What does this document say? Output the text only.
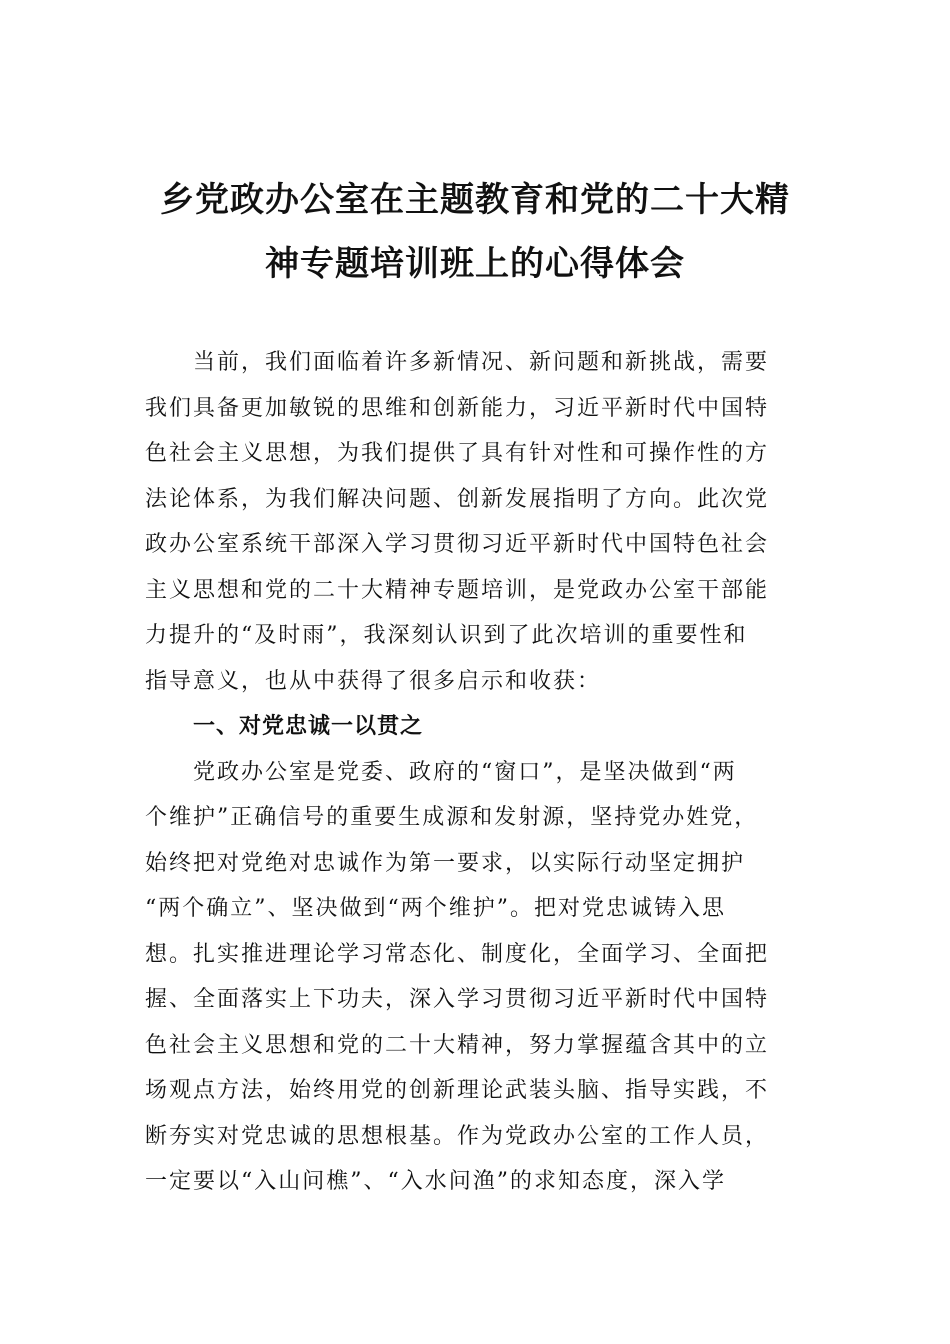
乡党政办公室在主题教育和党的二十大精
神专题培训班上的心得体会
当前，我们面临着许多新情况、新问题和新挑战，需要
我们具备更加敏锐的思维和创新能力，习近平新时代中国特
色社会主义思想，为我们提供了具有针对性和可操作性的方
法论体系，为我们解决问题、创新发展指明了方向。此次党
政办公室系统干部深入学习贯彻习近平新时代中国特色社会
主义思想和党的二十大精神专题培训，是党政办公室干部能
力提升的“及时雨”，我深刻认识到了此次培训的重要性和
指导意义，也从中获得了很多启示和收获：
一、对党忠诚一以贯之
党政办公室是党委、政府的“窗口”，是坚决做到“两
个维护”正确信号的重要生成源和发射源，坚持党办姓党，
始终把对党绝对忠诚作为第一要求，以实际行动坚定拥护
“两个确立”、坚决做到“两个维护”。把对党忠诚铸入思
想。扎实推进理论学习常态化、制度化，全面学习、全面把
握、全面落实上下功夫，深入学习贯彻习近平新时代中国特
色社会主义思想和党的二十大精神，努力掌握蕴含其中的立
场观点方法，始终用党的创新理论武装头脑、指导实践，不
断夯实对党忠诚的思想根基。作为党政办公室的工作人员，
一定要以“入山问樵”、“入水问渔”的求知态度，深入学
